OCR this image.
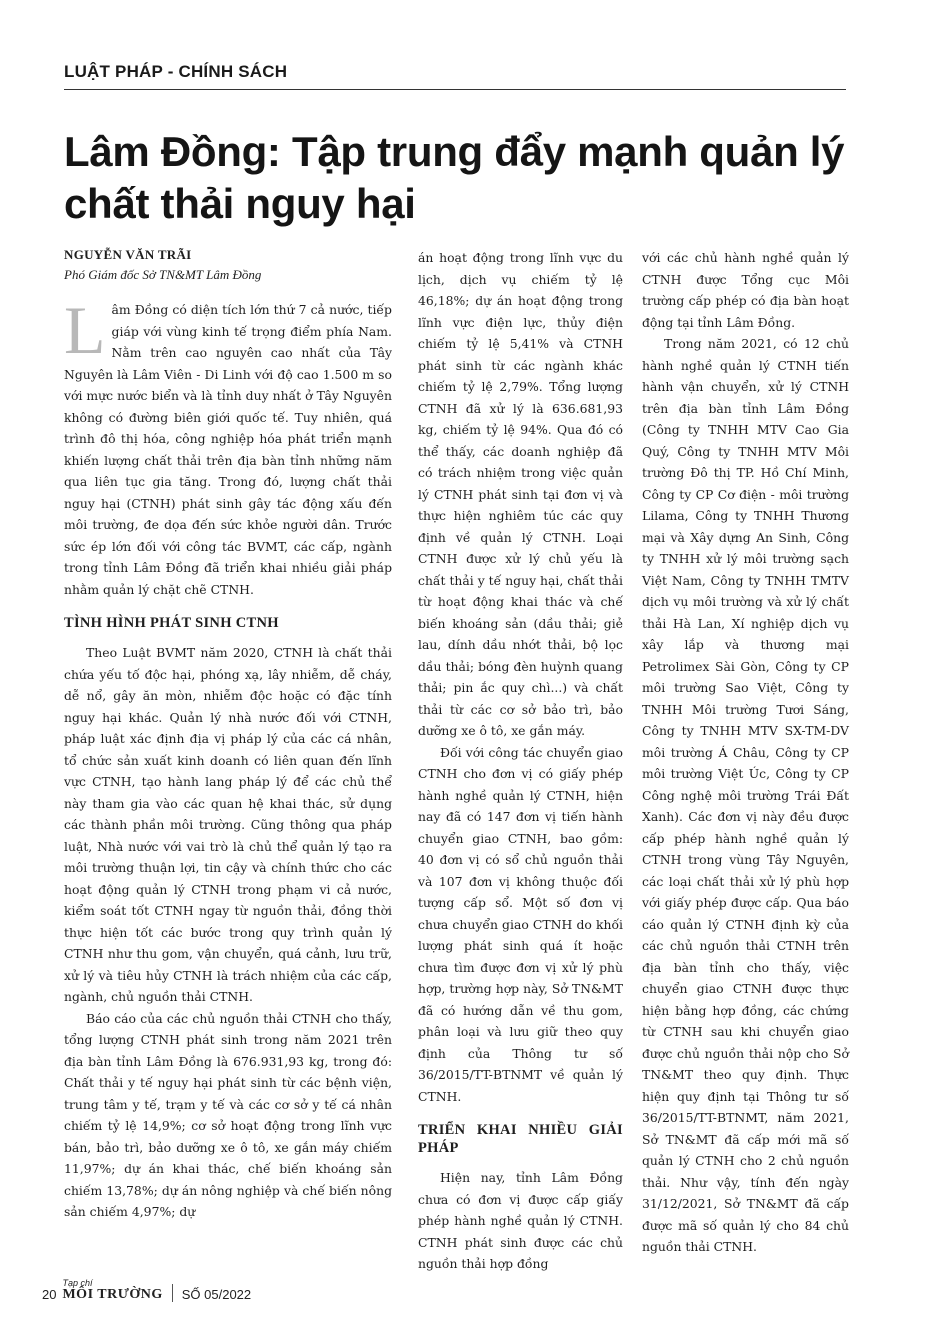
LUẬT PHÁP - CHÍNH SÁCH
Lâm Đồng: Tập trung đẩy mạnh quản lý chất thải nguy hại
NGUYỄN VĂN TRÃI
Phó Giám đốc Sở TN&MT Lâm Đồng

Lâm Đồng có diện tích lớn thứ 7 cả nước, tiếp giáp với vùng kinh tế trọng điểm phía Nam. Nằm trên cao nguyên cao nhất của Tây Nguyên là Lâm Viên - Di Linh với độ cao 1.500 m so với mực nước biển và là tỉnh duy nhất ở Tây Nguyên không có đường biên giới quốc tế. Tuy nhiên, quá trình đô thị hóa, công nghiệp hóa phát triển mạnh khiến lượng chất thải trên địa bàn tỉnh những năm qua liên tục gia tăng. Trong đó, lượng chất thải nguy hại (CTNH) phát sinh gây tác động xấu đến môi trường, đe dọa đến sức khỏe người dân. Trước sức ép lớn đối với công tác BVMT, các cấp, ngành trong tỉnh Lâm Đồng đã triển khai nhiều giải pháp nhằm quản lý chặt chẽ CTNH.

TÌNH HÌNH PHÁT SINH CTNH

Theo Luật BVMT năm 2020, CTNH là chất thải chứa yếu tố độc hại, phóng xạ, lây nhiễm, dễ cháy, dễ nổ, gây ăn mòn, nhiễm độc hoặc có đặc tính nguy hại khác. Quản lý nhà nước đối với CTNH, pháp luật xác định địa vị pháp lý của các cá nhân, tổ chức sản xuất kinh doanh có liên quan đến lĩnh vực CTNH, tạo hành lang pháp lý để các chủ thể này tham gia vào các quan hệ khai thác, sử dụng các thành phần môi trường. Cũng thông qua pháp luật, Nhà nước với vai trò là chủ thể quản lý tạo ra môi trường thuận lợi, tin cậy và chính thức cho các hoạt động quản lý CTNH trong phạm vi cả nước, kiểm soát tốt CTNH ngay từ nguồn thải, đồng thời thực hiện tốt các bước trong quy trình quản lý CTNH như thu gom, vận chuyển, quá cảnh, lưu trữ, xử lý và tiêu hủy CTNH là trách nhiệm của các cấp, ngành, chủ nguồn thải CTNH.

Báo cáo của các chủ nguồn thải CTNH cho thấy, tổng lượng CTNH phát sinh trong năm 2021 trên địa bàn tỉnh Lâm Đồng là 676.931,93 kg, trong đó: Chất thải y tế nguy hại phát sinh từ các bệnh viện, trung tâm y tế, trạm y tế và các cơ sở y tế cá nhân chiếm tỷ lệ 14,9%; cơ sở hoạt động trong lĩnh vực bán, bảo trì, bảo dưỡng xe ô tô, xe gắn máy chiếm 11,97%; dự án khai thác, chế biến khoáng sản chiếm 13,78%; dự án nông nghiệp và chế biến nông sản chiếm 4,97%; dự

án hoạt động trong lĩnh vực du lịch, dịch vụ chiếm tỷ lệ 46,18%; dự án hoạt động trong lĩnh vực điện lực, thủy điện chiếm tỷ lệ 5,41% và CTNH phát sinh từ các ngành khác chiếm tỷ lệ 2,79%. Tổng lượng CTNH đã xử lý là 636.681,93 kg, chiếm tỷ lệ 94%. Qua đó có thể thấy, các doanh nghiệp đã có trách nhiệm trong việc quản lý CTNH phát sinh tại đơn vị và thực hiện nghiêm túc các quy định về quản lý CTNH. Loại CTNH được xử lý chủ yếu là chất thải y tế nguy hại, chất thải từ hoạt động khai thác và chế biến khoáng sản (dầu thải; giẻ lau, dính dầu nhớt thải, bộ lọc dầu thải; bóng đèn huỳnh quang thải; pin ắc quy chì...) và chất thải từ các cơ sở bảo trì, bảo dưỡng xe ô tô, xe gắn máy.

Đối với công tác chuyển giao CTNH cho đơn vị có giấy phép hành nghề quản lý CTNH, hiện nay đã có 147 đơn vị tiến hành chuyển giao CTNH, bao gồm: 40 đơn vị có sổ chủ nguồn thải và 107 đơn vị không thuộc đối tượng cấp sổ. Một số đơn vị chưa chuyển giao CTNH do khối lượng phát sinh quá ít hoặc chưa tìm được đơn vị xử lý phù hợp, trường hợp này, Sở TN&MT đã có hướng dẫn về thu gom, phân loại và lưu giữ theo quy định của Thông tư số 36/2015/TT-BTNMT về quản lý CTNH.

TRIỂN KHAI NHIỀU GIẢI PHÁP

Hiện nay, tỉnh Lâm Đồng chưa có đơn vị được cấp giấy phép hành nghề quản lý CTNH. CTNH phát sinh được các chủ nguồn thải hợp đồng

với các chủ hành nghề quản lý CTNH được Tổng cục Môi trường cấp phép có địa bàn hoạt động tại tỉnh Lâm Đồng.

Trong năm 2021, có 12 chủ hành nghề quản lý CTNH tiến hành vận chuyển, xử lý CTNH trên địa bàn tỉnh Lâm Đồng (Công ty TNHH MTV Cao Gia Quý, Công ty TNHH MTV Môi trường Đô thị TP. Hồ Chí Minh, Công ty CP Cơ điện - môi trường Lilama, Công ty TNHH Thương mại và Xây dựng An Sinh, Công ty TNHH xử lý môi trường sạch Việt Nam, Công ty TNHH TMTV dịch vụ môi trường và xử lý chất thải Hà Lan, Xí nghiệp dịch vụ xây lắp và thương mại Petrolimex Sài Gòn, Công ty CP môi trường Sao Việt, Công ty TNHH Môi trường Tươi Sáng, Công ty TNHH MTV SX-TM-DV môi trường Á Châu, Công ty CP môi trường Việt Úc, Công ty CP Công nghệ môi trường Trái Đất Xanh). Các đơn vị này đều được cấp phép hành nghề quản lý CTNH trong vùng Tây Nguyên, các loại chất thải xử lý phù hợp với giấy phép được cấp. Qua báo cáo quản lý CTNH định kỳ của các chủ nguồn thải CTNH trên địa bàn tỉnh cho thấy, việc chuyển giao CTNH được thực hiện bằng hợp đồng, các chứng từ CTNH sau khi chuyển giao được chủ nguồn thải nộp cho Sở TN&MT theo quy định. Thực hiện quy định tại Thông tư số 36/2015/TT-BTNMT, năm 2021, Sở TN&MT đã cấp mới mã số quản lý CTNH cho 2 chủ nguồn thải. Như vậy, tính đến ngày 31/12/2021, Sở TN&MT đã cấp được mã số quản lý cho 84 chủ nguồn thải CTNH.

20
Tạp chí
MÔI TRƯỜNG SỐ 05/2022
